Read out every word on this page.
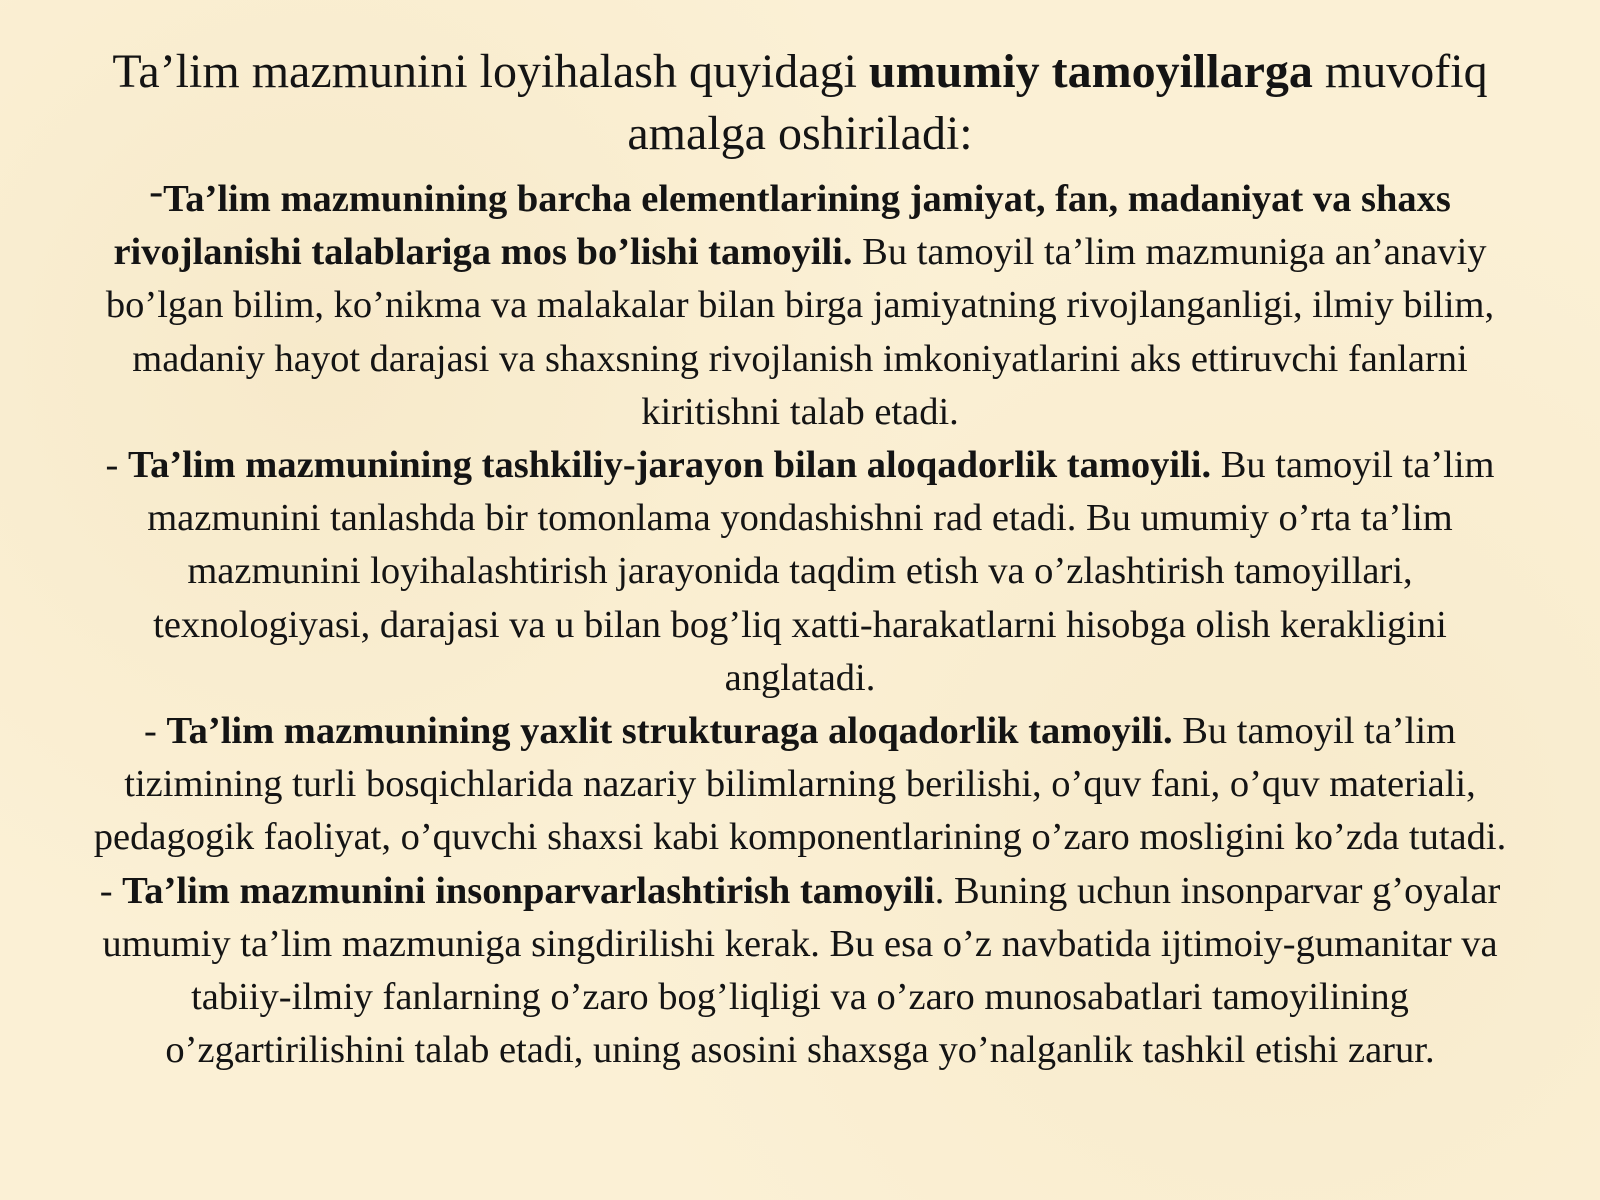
Ta’lim mazmunini loyihalash quyidagi umumiy tamoyillarga muvofiq amalga oshiriladi:

-Ta’lim mazmunining barcha elementlarining jamiyat, fan, madaniyat va shaxs rivojlanishi talablariga mos bo’lishi tamoyili. Bu tamoyil ta’lim mazmuniga an’anaviy bo’lgan bilim, ko’nikma va malakalar bilan birga jamiyatning rivojlanganligi, ilmiy bilim, madaniy hayot darajasi va shaxsning rivojlanish imkoniyatlarini aks ettiruvchi fanlarni kiritishni talab etadi.

- Ta’lim mazmunining tashkiliy-jarayon bilan aloqadorlik tamoyili. Bu tamoyil ta’lim mazmunini tanlashda bir tomonlama yondashishni rad etadi. Bu umumiy o’rta ta’lim mazmunini loyihalashtirish jarayonida taqdim etish va o’zlashtirish tamoyillari, texnologiyasi, darajasi va u bilan bog’liq xatti-harakatlarni hisobga olish kerakligini anglatadi.

- Ta’lim mazmunining yaxlit strukturaga aloqadorlik tamoyili. Bu tamoyil ta’lim tizimining turli bosqichlarida nazariy bilimlarning berilishi, o’quv fani, o’quv materiali, pedagogik faoliyat, o’quvchi shaxsi kabi komponentlarining o’zaro mosligini ko’zda tutadi.

- Ta’lim mazmunini insonparvarlashtirish tamoyili. Buning uchun insonparvar g’oyalar umumiy ta’lim mazmuniga singdirilishi kerak. Bu esa o’z navbatida ijtimoiy-gumanitar va tabiiy-ilmiy fanlarning o’zaro bog’liqligi va o’zaro munosabatlari tamoyilining o’zgartirilishini talab etadi, uning asosini shaxsga yo’nalganlik tashkil etishi zarur.
